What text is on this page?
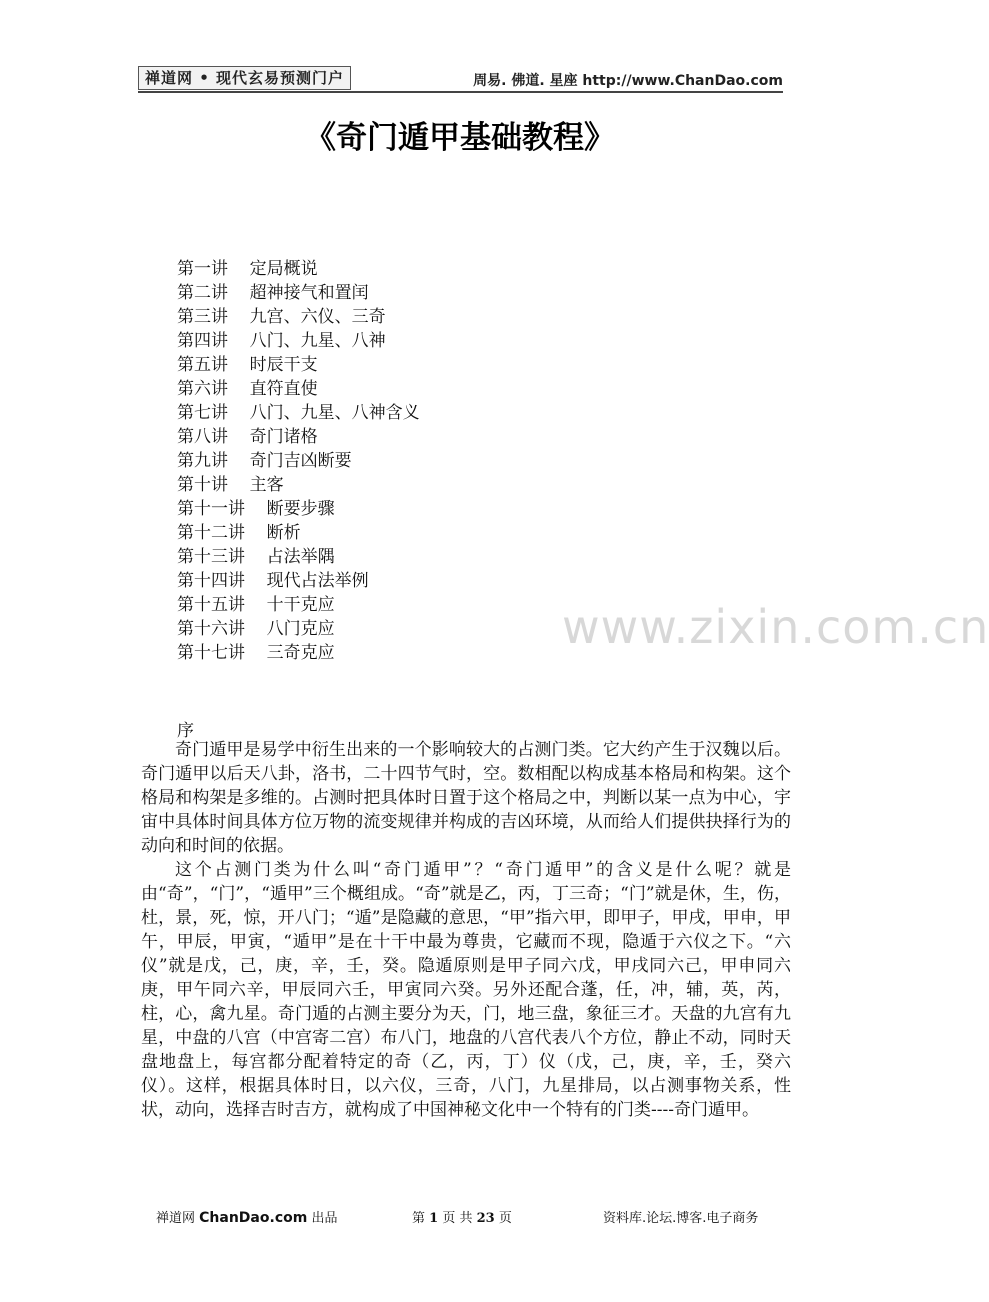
禅道网 • 现代玄易预测门户	周易. 佛道. 星座 http://www.ChanDao.com
《奇门遁甲基础教程》
第一讲    定局概说
第二讲    超神接气和置闰
第三讲    九宫、六仪、三奇
第四讲    八门、九星、八神
第五讲    时辰干支
第六讲    直符直使
第七讲    八门、九星、八神含义
第八讲    奇门诸格
第九讲    奇门吉凶断要
第十讲    主客
第十一讲    断要步骤
第十二讲    断析
第十三讲    占法举隅
第十四讲    现代占法举例
第十五讲    十干克应
第十六讲    八门克应
第十七讲    三奇克应	www.zixin.com.cn
序

奇门遁甲是易学中衍生出来的一个影响较大的占测门类。它大约产生于汉魏以后。奇门遁甲以后天八卦，洛书，二十四节气时，空。数相配以构成基本格局和构架。这个格局和构架是多维的。占测时把具体时日置于这个格局之中，判断以某一点为中心，宇宙中具体时间具体方位万物的流变规律并构成的吉凶环境，从而给人们提供抉择行为的动向和时间的依据。

这个占测门类为什么叫“奇门遁甲”？“奇门遁甲”的含义是什么呢？就是由“奇”，“门”，“遁甲”三个概组成。“奇”就是乙，丙，丁三奇；“门”就是休，生，伤，杜，景，死，惊，开八门；“遁”是隐藏的意思，“甲”指六甲，即甲子，甲戌，甲申，甲午，甲辰，甲寅，“遁甲”是在十干中最为尊贵，它藏而不现，隐遁于六仪之下。“六仪”就是戊，己，庚，辛，壬，癸。隐遁原则是甲子同六戊，甲戌同六己，甲申同六庚，甲午同六辛，甲辰同六壬，甲寅同六癸。另外还配合蓬，任，冲，辅，英，芮，柱，心，禽九星。奇门遁的占测主要分为天，门，地三盘，象征三才。天盘的九宫有九星，中盘的八宫（中宫寄二宫）布八门，地盘的八宫代表八个方位，静止不动，同时天盘地盘上，每宫都分配着特定的奇（乙，丙，丁）仪（戊，己，庚，辛，壬，癸六仪）。这样，根据具体时日，以六仪，三奇，八门，九星排局，以占测事物关系，性状，动向，选择吉时吉方，就构成了中国神秘文化中一个特有的门类----奇门遁甲。

禅道网 ChanDao.com 出品	第 1 页 共 23 页	资料库.论坛.博客.电子商务
